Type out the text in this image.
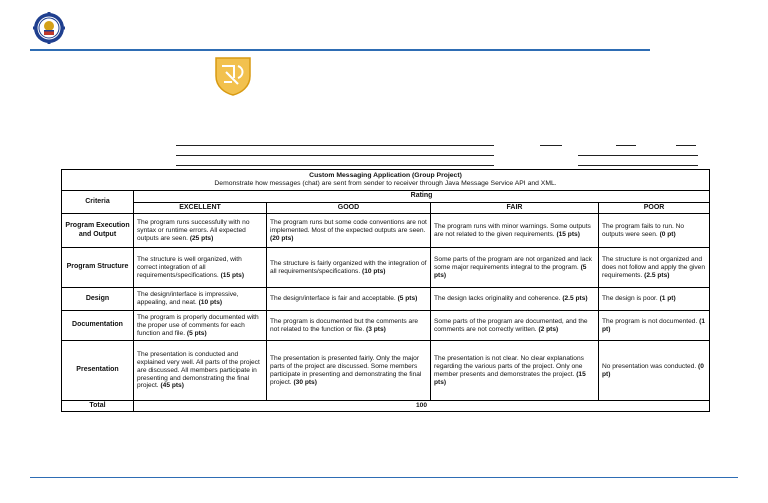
Custom Messaging Application (Group Project)
Demonstrate how messages (chat) are sent from sender to receiver through Java Message Service API and XML.				
Criteria	Rating			
	EXCELLENT	GOOD	FAIR	POOR
Program Execution and Output	The program runs successfully with no syntax or runtime errors. All expected outputs are seen. (25 pts)	The program runs but some code conventions are not implemented. Most of the expected outputs are seen. (20 pts)	The program runs with minor warnings. Some outputs are not related to the given requirements. (15 pts)	The program fails to run. No outputs were seen. (0 pt)
Program Structure	The structure is well organized, with correct integration of all requirements/specifications. (15 pts)	The structure is fairly organized with the integration of all requirements/specifications. (10 pts)	Some parts of the program are not organized and lack some major requirements integral to the program. (5 pts)	The structure is not organized and does not follow and apply the given requirements. (2.5 pts)
Design	The design/interface is impressive, appealing, and neat. (10 pts)	The design/interface is fair and acceptable. (5 pts)	The design lacks originality and coherence. (2.5 pts)	The design is poor. (1 pt)
Documentation	The program is properly documented with the proper use of comments for each function and file. (5 pts)	The program is documented but the comments are not related to the function or file. (3 pts)	Some parts of the program are documented, and the comments are not correctly written. (2 pts)	The program is not documented. (1 pt)
Presentation	The presentation is conducted and explained very well. All parts of the project are discussed. All members participate in presenting and demonstrating the final project. (45 pts)	The presentation is presented fairly. Only the major parts of the project are discussed. Some members participate in presenting and demonstrating the final project. (30 pts)	The presentation is not clear. No clear explanations regarding the various parts of the project. Only one member presents and demonstrates the project. (15 pts)	No presentation was conducted. (0 pt)
Total	100			
